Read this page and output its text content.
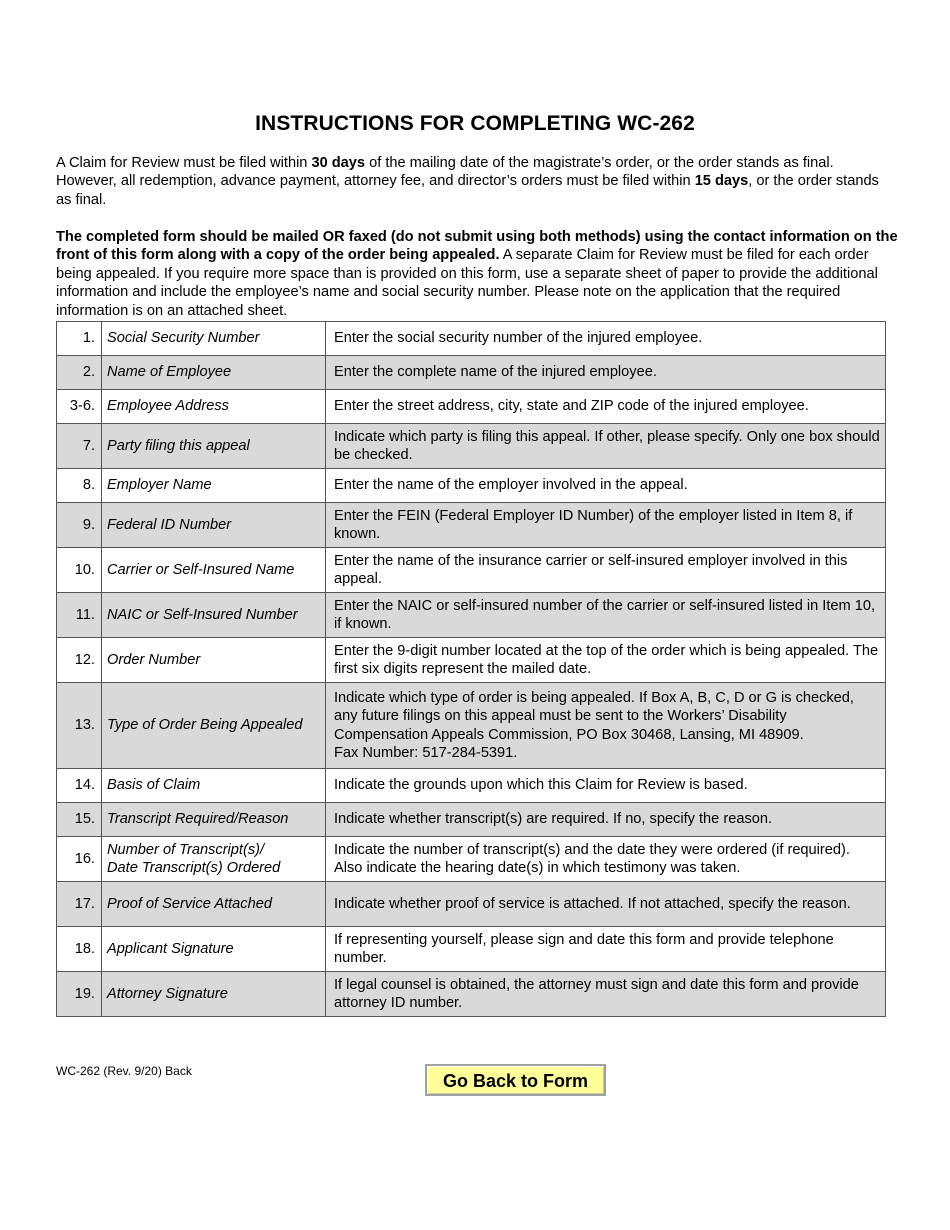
INSTRUCTIONS FOR COMPLETING WC-262
A Claim for Review must be filed within 30 days of the mailing date of the magistrate’s order, or the order stands as final. However, all redemption, advance payment, attorney fee, and director’s orders must be filed within 15 days, or the order stands as final.
The completed form should be mailed OR faxed (do not submit using both methods) using the contact information on the front of this form along with a copy of the order being appealed. A separate Claim for Review must be filed for each order being appealed. If you require more space than is provided on this form, use a separate sheet of paper to provide the additional information and include the employee’s name and social security number. Please note on the application that the required information is on an attached sheet.
1.	Social Security Number	Enter the social security number of the injured employee.
2.	Name of Employee	Enter the complete name of the injured employee.
3-6.	Employee Address	Enter the street address, city, state and ZIP code of the injured employee.
7.	Party filing this appeal	Indicate which party is filing this appeal. If other, please specify. Only one box should be checked.
8.	Employer Name	Enter the name of the employer involved in the appeal.
9.	Federal ID Number	Enter the FEIN (Federal Employer ID Number) of the employer listed in Item 8, if known.
10.	Carrier or Self-Insured Name	Enter the name of the insurance carrier or self-insured employer involved in this appeal.
11.	NAIC or Self-Insured Number	Enter the NAIC or self-insured number of the carrier or self-insured listed in Item 10, if known.
12.	Order Number	Enter the 9-digit number located at the top of the order which is being appealed. The first six digits represent the mailed date.
13.	Type of Order Being Appealed	Indicate which type of order is being appealed. If Box A, B, C, D or G is checked, any future filings on this appeal must be sent to the Workers’ Disability Compensation Appeals Commission, PO Box 30468, Lansing, MI 48909.
Fax Number: 517-284-5391.
14.	Basis of Claim	Indicate the grounds upon which this Claim for Review is based.
15.	Transcript Required/Reason	Indicate whether transcript(s) are required. If no, specify the reason.
16.	Number of Transcript(s)/
Date Transcript(s) Ordered	Indicate the number of transcript(s) and the date they were ordered (if required). Also indicate the hearing date(s) in which testimony was taken.
17.	Proof of Service Attached	Indicate whether proof of service is attached. If not attached, specify the reason.
18.	Applicant Signature	If representing yourself, please sign and date this form and provide telephone number.
19.	Attorney Signature	If legal counsel is obtained, the attorney must sign and date this form and provide attorney ID number.
WC-262 (Rev. 9/20) Back	Go Back to Form
